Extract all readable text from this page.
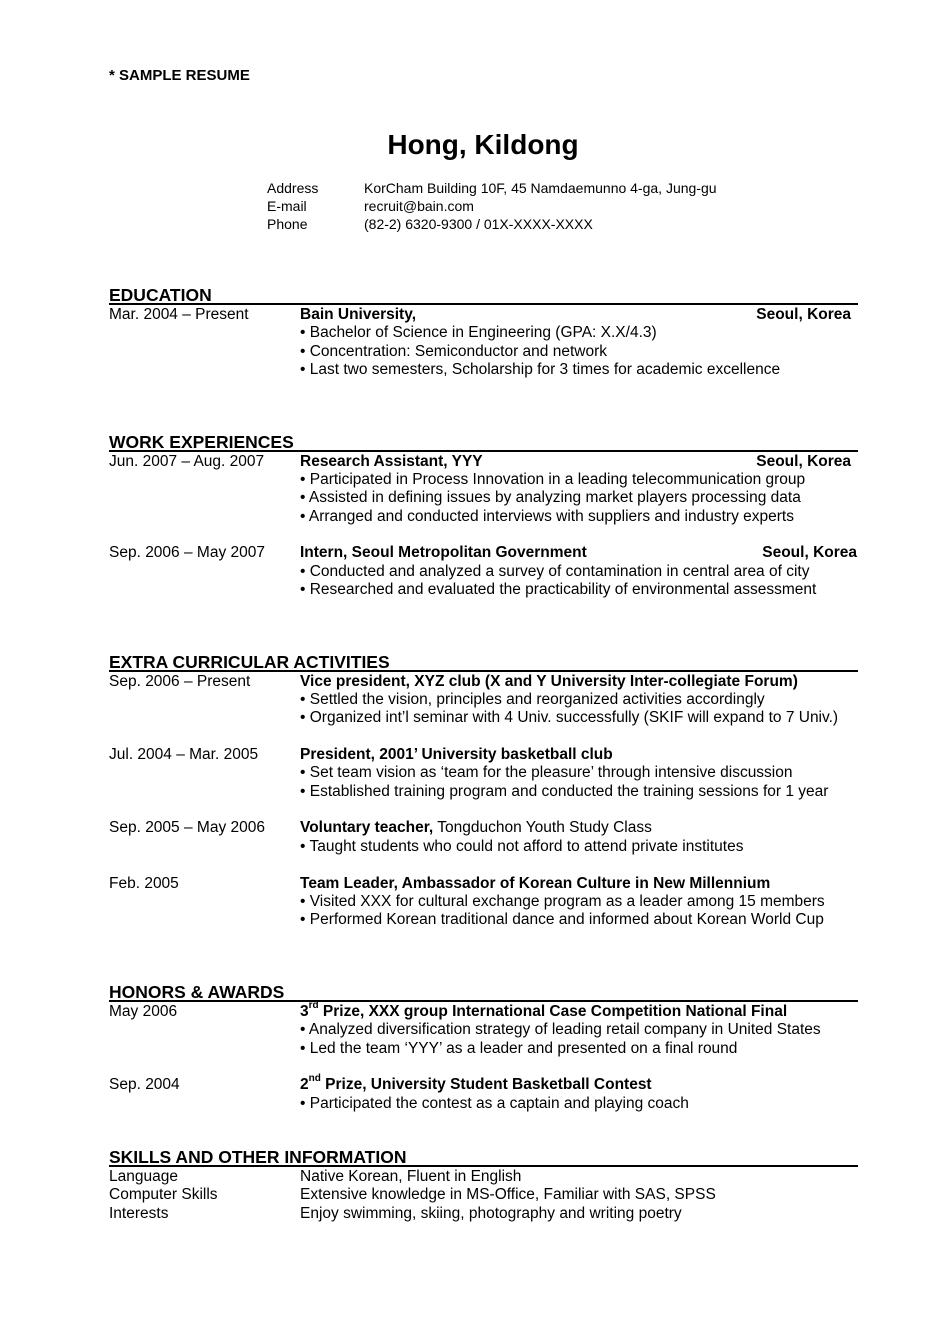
* SAMPLE RESUME
Hong, Kildong
Address	KorCham Building 10F, 45 Namdaemunno 4-ga, Jung-gu
E-mail	recruit@bain.com
Phone	(82-2) 6320-9300 / 01X-XXXX-XXXX
EDUCATION
Mar. 2004 – Present	Bain University,	Seoul, Korea
• Bachelor of Science in Engineering (GPA: X.X/4.3)
• Concentration: Semiconductor and network
• Last two semesters, Scholarship for 3 times for academic excellence
WORK EXPERIENCES
Jun. 2007 – Aug. 2007 Research Assistant, YYY	Seoul, Korea
• Participated in Process Innovation in a leading telecommunication group
• Assisted in defining issues by analyzing market players processing data
• Arranged and conducted interviews with suppliers and industry experts
Sep. 2006 – May 2007 Intern, Seoul Metropolitan Government	Seoul, Korea
• Conducted and analyzed a survey of contamination in central area of city
• Researched and evaluated the practicability of environmental assessment
EXTRA CURRICULAR ACTIVITIES
Sep. 2006 – Present	Vice president, XYZ club (X and Y University Inter-collegiate Forum)
• Settled the vision, principles and reorganized activities accordingly
• Organized int’l seminar with 4 Univ. successfully (SKIF will expand to 7 Univ.)
Jul. 2004 – Mar. 2005	President, 2001’ University basketball club
• Set team vision as ‘team for the pleasure’ through intensive discussion
• Established training program and conducted the training sessions for 1 year
Sep. 2005 – May 2006 Voluntary teacher, Tongduchon Youth Study Class
• Taught students who could not afford to attend private institutes
Feb. 2005	Team Leader, Ambassador of Korean Culture in New Millennium
• Visited XXX for cultural exchange program as a leader among 15 members
• Performed Korean traditional dance and informed about Korean World Cup
HONORS & AWARDS
May 2006	3rd Prize, XXX group International Case Competition National Final
• Analyzed diversification strategy of leading retail company in United States
• Led the team ‘YYY’ as a leader and presented on a final round
Sep. 2004	2nd Prize, University Student Basketball Contest
• Participated the contest as a captain and playing coach
SKILLS AND OTHER INFORMATION
Language	Native Korean, Fluent in English
Computer Skills	Extensive knowledge in MS-Office, Familiar with SAS, SPSS
Interests	Enjoy swimming, skiing, photography and writing poetry
